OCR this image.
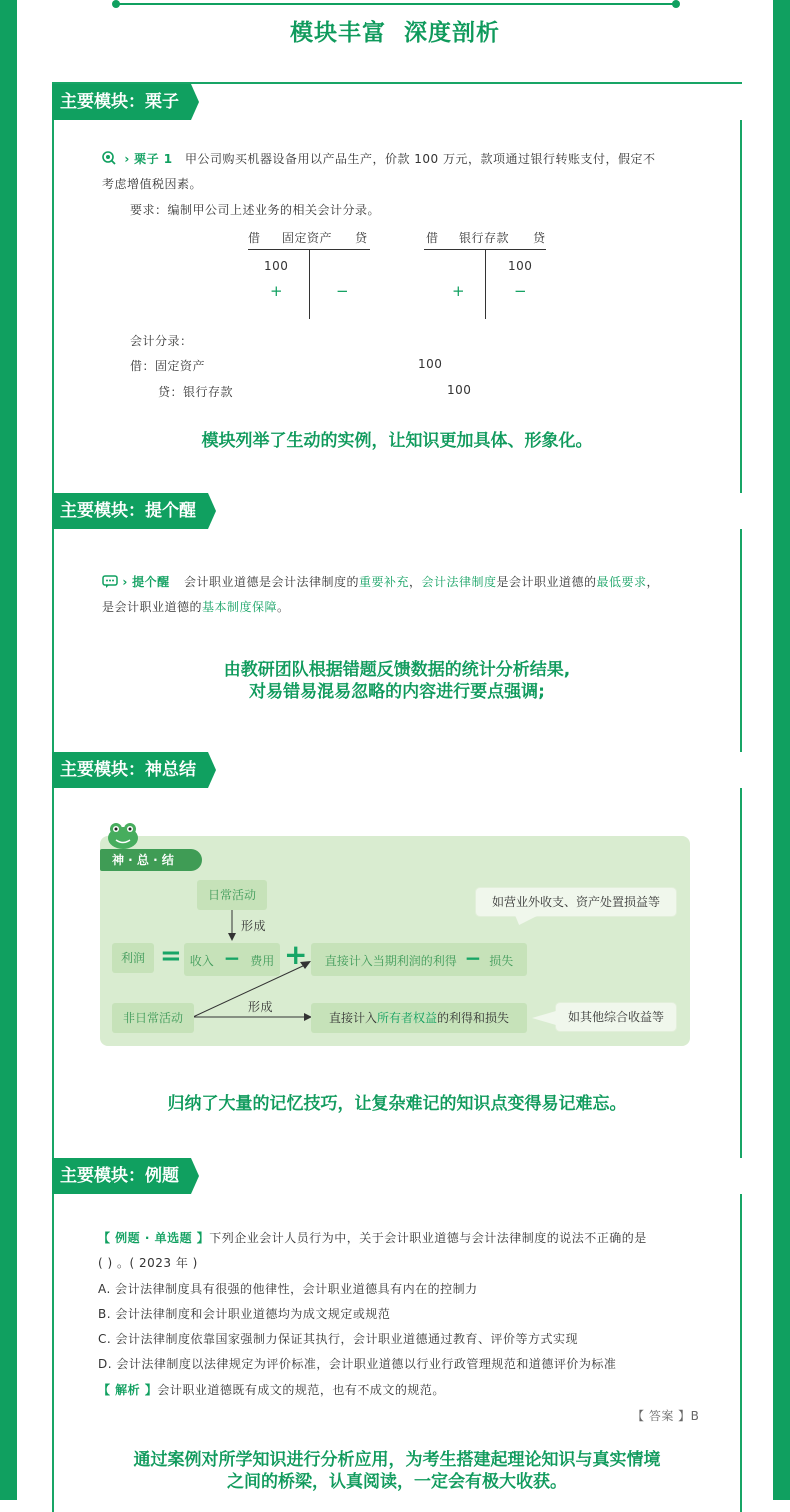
模块丰富  深度剖析
主要模块：栗子
› 栗子 1 甲公司购买机器设备用以产品生产，价款 100 万元，款项通过银行转账支付，假定不
考虑增值税因素。
要求：编制甲公司上述业务的相关会计分录。
借 固定资产 贷
100
+	−
借 银行存款 贷
100
+	−
会计分录：
借：固定资产	100
贷：银行存款	100
模块列举了生动的实例，让知识更加具体、形象化。
主要模块：提个醒
› 提个醒 会计职业道德是会计法律制度的重要补充，会计法律制度是会计职业道德的最低要求，
是会计职业道德的基本制度保障。
由教研团队根据错题反馈数据的统计分析结果,
对易错易混易忽略的内容进行要点强调;
主要模块：神总结
神 · 总 · 结
日常活动
形成
利润 = 收入 − 费用 +	直接计入当期利润的利得 − 损失
如营业外收支、资产处置损益等
非日常活动
形成
直接计入所有者权益的利得和损失	如其他综合收益等
归纳了大量的记忆技巧，让复杂难记的知识点变得易记难忘。
主要模块：例题
【 例题 · 单选题 】下列企业会计人员行为中，关于会计职业道德与会计法律制度的说法不正确的是
( ) 。( 2023 年 )
A. 会计法律制度具有很强的他律性，会计职业道德具有内在的控制力
B. 会计法律制度和会计职业道德均为成文规定或规范
C. 会计法律制度依靠国家强制力保证其执行，会计职业道德通过教育、评价等方式实现
D. 会计法律制度以法律规定为评价标准，会计职业道德以行业行政管理规范和道德评价为标准
【 解析 】会计职业道德既有成文的规范，也有不成文的规范。
【 答案 】B
通过案例对所学知识进行分析应用，为考生搭建起理论知识与真实情境
之间的桥梁，认真阅读，一定会有极大收获。
